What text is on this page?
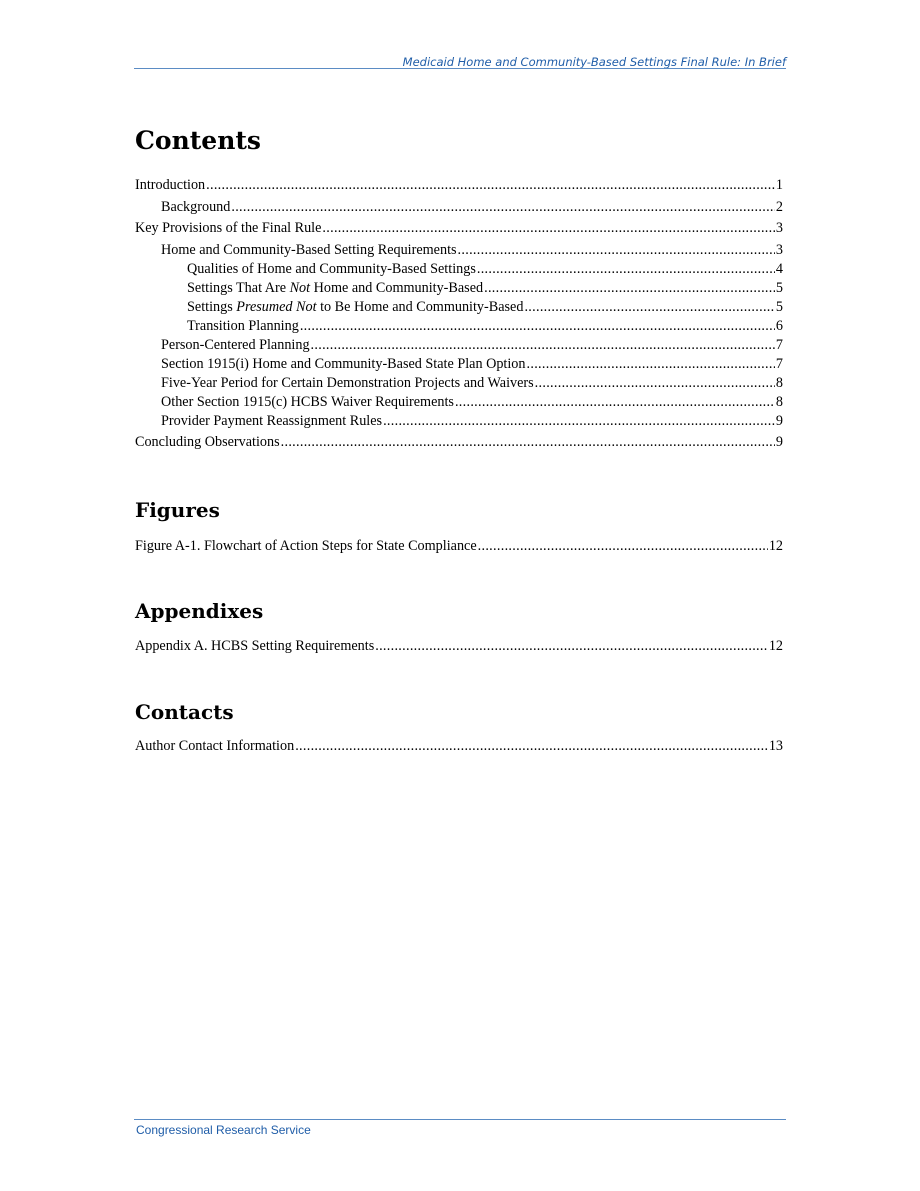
Medicaid Home and Community-Based Settings Final Rule: In Brief
Contents
Introduction .....	1
Background .....	2
Key Provisions of the Final Rule .....	3
Home and Community-Based Setting Requirements .....	3
Qualities of Home and Community-Based Settings .....	4
Settings That Are Not Home and Community-Based .....	5
Settings Presumed Not to Be Home and Community-Based .....	5
Transition Planning .....	6
Person-Centered Planning .....	7
Section 1915(i) Home and Community-Based State Plan Option .....	7
Five-Year Period for Certain Demonstration Projects and Waivers .....	8
Other Section 1915(c) HCBS Waiver Requirements .....	8
Provider Payment Reassignment Rules .....	9
Concluding Observations .....	9
Figures
Figure A-1. Flowchart of Action Steps for State Compliance .....	12
Appendixes
Appendix A. HCBS Setting Requirements .....	12
Contacts
Author Contact Information .....	13
Congressional Research Service
